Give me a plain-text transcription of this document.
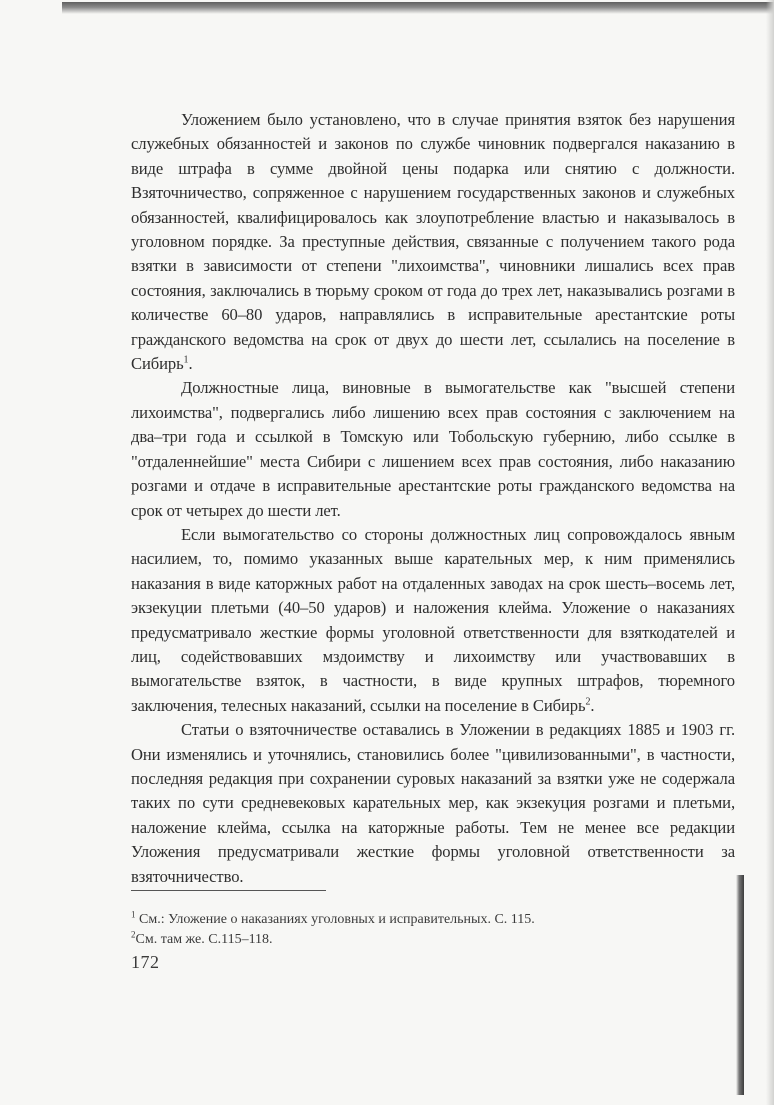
Уложением было установлено, что в случае принятия взяток без нарушения служебных обязанностей и законов по службе чиновник подвергался наказанию в виде штрафа в сумме двойной цены подарка или снятию с должности. Взяточничество, сопряженное с нарушением государственных законов и служебных обязанностей, квалифицировалось как злоупотребление властью и наказывалось в уголовном порядке. За преступные действия, связанные с получением такого рода взятки в зависимости от степени "лихоимства", чиновники лишались всех прав состояния, заключались в тюрьму сроком от года до трех лет, наказывались розгами в количестве 60–80 ударов, направлялись в исправительные арестантские роты гражданского ведомства на срок от двух до шести лет, ссылались на поселение в Сибирь$^1$.

Должностные лица, виновные в вымогательстве как "высшей степени лихоимства", подвергались либо лишению всех прав состояния с заключением на два–три года и ссылкой в Томскую или Тобольскую губернию, либо ссылке в "отдаленнейшие" места Сибири с лишением всех прав состояния, либо наказанию розгами и отдаче в исправительные арестантские роты гражданского ведомства на срок от четырех до шести лет.

Если вымогательство со стороны должностных лиц сопровождалось явным насилием, то, помимо указанных выше карательных мер, к ним применялись наказания в виде каторжных работ на отдаленных заводах на срок шесть–восемь лет, экзекуции плетьми (40–50 ударов) и наложения клейма. Уложение о наказаниях предусматривало жесткие формы уголовной ответственности для взяткодателей и лиц, содействовавших мздоимству и лихоимству или участвовавших в вымогательстве взяток, в частности, в виде крупных штрафов, тюремного заключения, телесных наказаний, ссылки на поселение в Сибирь$^2$.

Статьи о взяточничестве оставались в Уложении в редакциях 1885 и 1903 гг. Они изменялись и уточнялись, становились более "цивилизованными", в частности, последняя редакция при сохранении суровых наказаний за взятки уже не содержала таких по сути средневековых карательных мер, как экзекуция розгами и плетьми, наложение клейма, ссылка на каторжные работы. Тем не менее все редакции Уложения предусматривали жесткие формы уголовной ответственности за взяточничество.

$^1$ См.: Уложение о наказаниях уголовных и исправительных. С. 115.
$^2$См. там же. С.115–118.
172
